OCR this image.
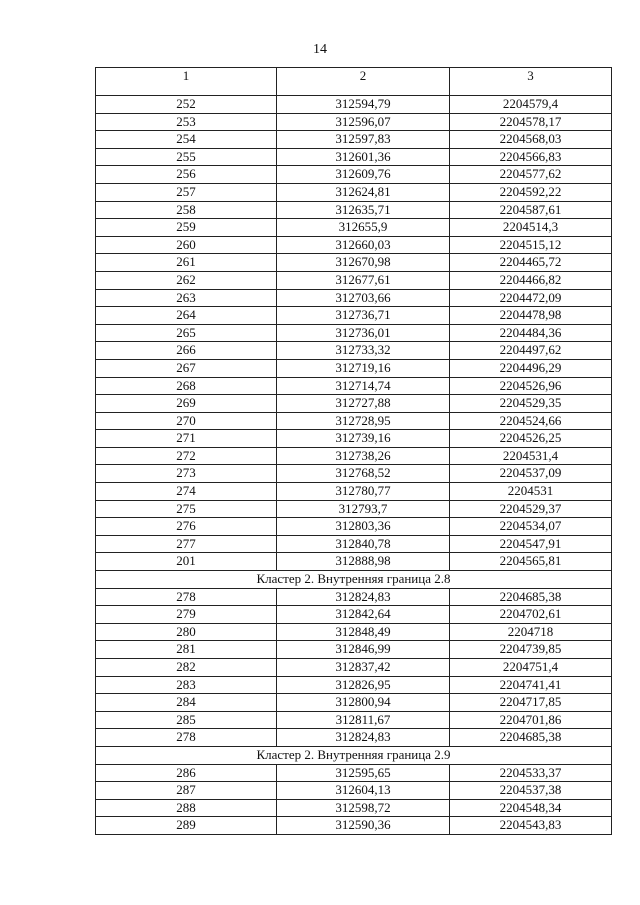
14
1	2	3
252	312594,79	2204579,4
253	312596,07	2204578,17
254	312597,83	2204568,03
255	312601,36	2204566,83
256	312609,76	2204577,62
257	312624,81	2204592,22
258	312635,71	2204587,61
259	312655,9	2204514,3
260	312660,03	2204515,12
261	312670,98	2204465,72
262	312677,61	2204466,82
263	312703,66	2204472,09
264	312736,71	2204478,98
265	312736,01	2204484,36
266	312733,32	2204497,62
267	312719,16	2204496,29
268	312714,74	2204526,96
269	312727,88	2204529,35
270	312728,95	2204524,66
271	312739,16	2204526,25
272	312738,26	2204531,4
273	312768,52	2204537,09
274	312780,77	2204531
275	312793,7	2204529,37
276	312803,36	2204534,07
277	312840,78	2204547,91
201	312888,98	2204565,81
Кластер 2. Внутренняя граница 2.8		
278	312824,83	2204685,38
279	312842,64	2204702,61
280	312848,49	2204718
281	312846,99	2204739,85
282	312837,42	2204751,4
283	312826,95	2204741,41
284	312800,94	2204717,85
285	312811,67	2204701,86
278	312824,83	2204685,38
Кластер 2. Внутренняя граница 2.9		
286	312595,65	2204533,37
287	312604,13	2204537,38
288	312598,72	2204548,34
289	312590,36	2204543,83
